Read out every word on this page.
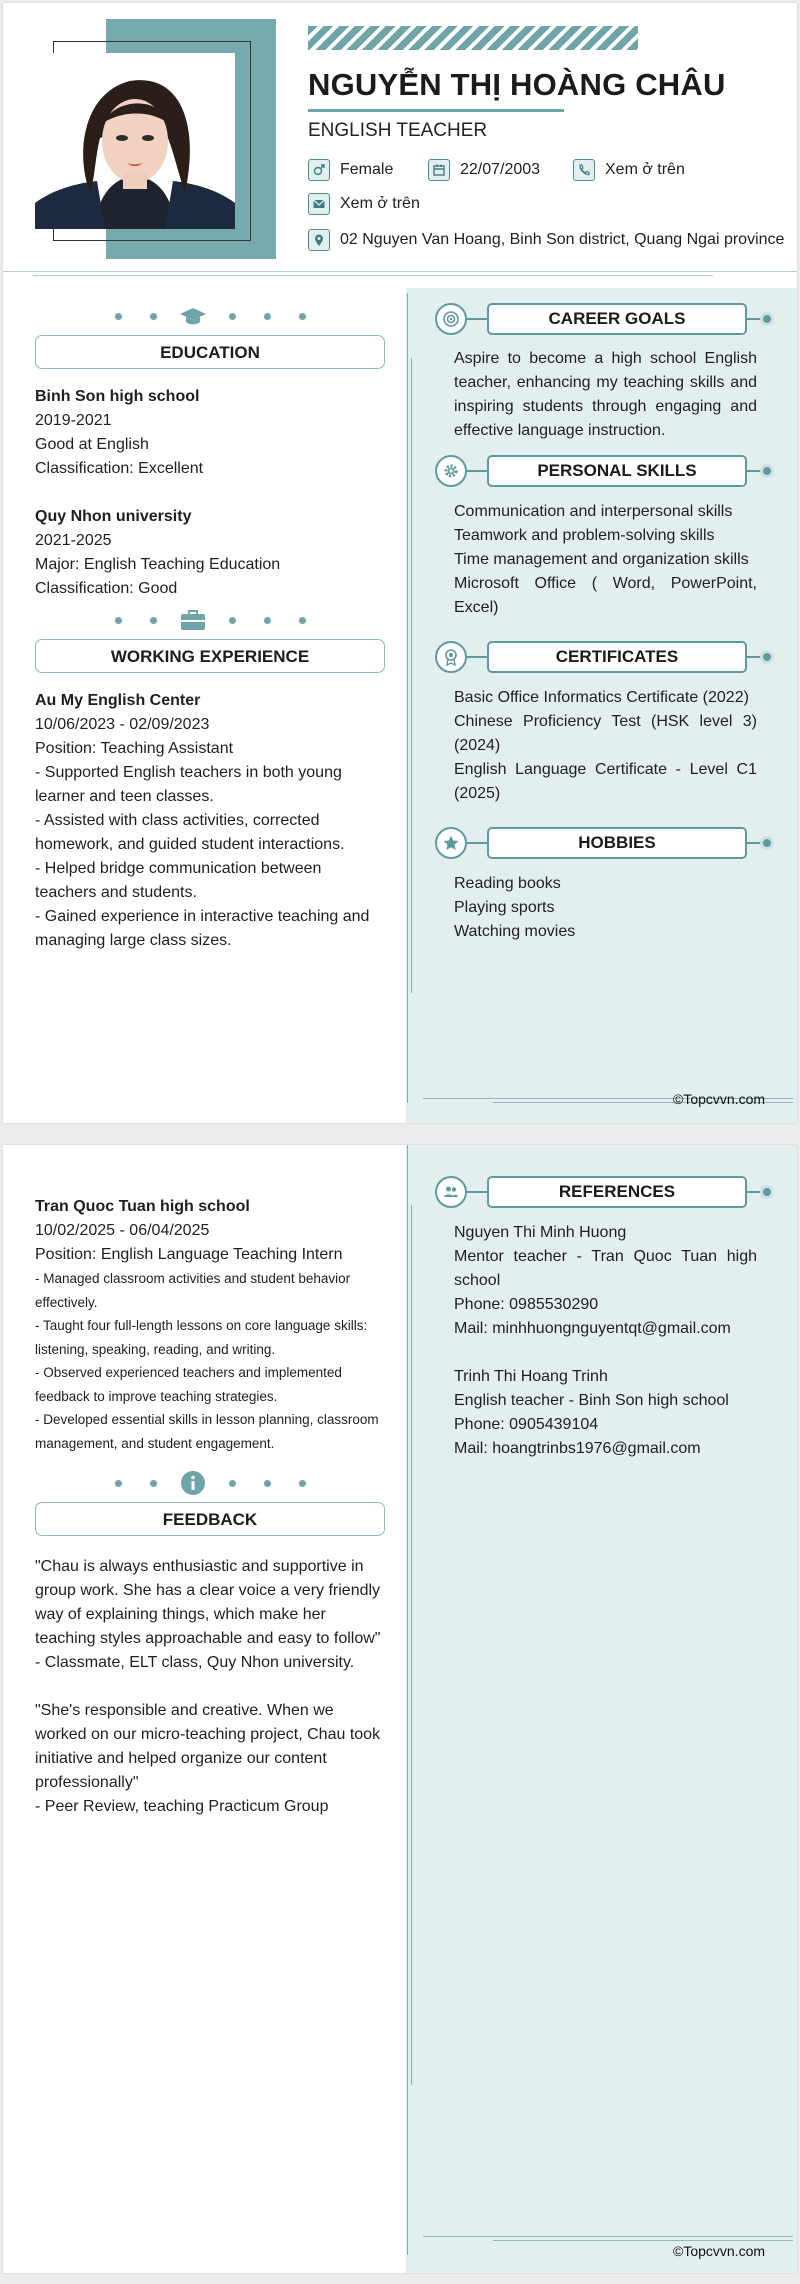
NGUYỄN THỊ HOÀNG CHÂU
ENGLISH TEACHER
Female	22/07/2003	Xem ở trên
Xem ở trên
02 Nguyen Van Hoang, Binh Son district, Quang Ngai province
EDUCATION
Binh Son high school
2019-2021
Good at English
Classification: Excellent
Quy Nhon university
2021-2025
Major: English Teaching Education
Classification: Good
WORKING EXPERIENCE
Au My English Center
10/06/2023 - 02/09/2023
Position: Teaching Assistant
- Supported English teachers in both young learner and teen classes.
- Assisted with class activities, corrected homework, and guided student interactions.
- Helped bridge communication between teachers and students.
- Gained experience in interactive teaching and managing large class sizes.
CAREER GOALS
Aspire to become a high school English teacher, enhancing my teaching skills and inspiring students through engaging and effective language instruction.
PERSONAL SKILLS
Communication and interpersonal skills
Teamwork and problem-solving skills
Time management and organization skills
Microsoft Office ( Word, PowerPoint, Excel)
CERTIFICATES
Basic Office Informatics Certificate (2022)
Chinese Proficiency Test (HSK level 3) (2024)
English Language Certificate - Level C1 (2025)
HOBBIES
Reading books
Playing sports
Watching movies
©Topcvvn.com
Tran Quoc Tuan high school
10/02/2025 - 06/04/2025
Position: English Language Teaching Intern
- Managed classroom activities and student behavior effectively.
- Taught four full-length lessons on core language skills: listening, speaking, reading, and writing.
- Observed experienced teachers and implemented feedback to improve teaching strategies.
- Developed essential skills in lesson planning, classroom management, and student engagement.
FEEDBACK
"Chau is always enthusiastic and supportive in group work. She has a clear voice a very friendly way of explaining things, which make her teaching styles approachable and easy to follow"
- Classmate, ELT class, Quy Nhon university.
"She's responsible and creative. When we worked on our micro-teaching project, Chau took initiative and helped organize our content professionally"
- Peer Review, teaching Practicum Group
REFERENCES
Nguyen Thi Minh Huong
Mentor teacher - Tran Quoc Tuan high school
Phone: 0985530290
Mail: minhhuongnguyentqt@gmail.com
Trinh Thi Hoang Trinh
English teacher - Binh Son high school
Phone: 0905439104
Mail: hoangtrinbs1976@gmail.com
©Topcvvn.com
